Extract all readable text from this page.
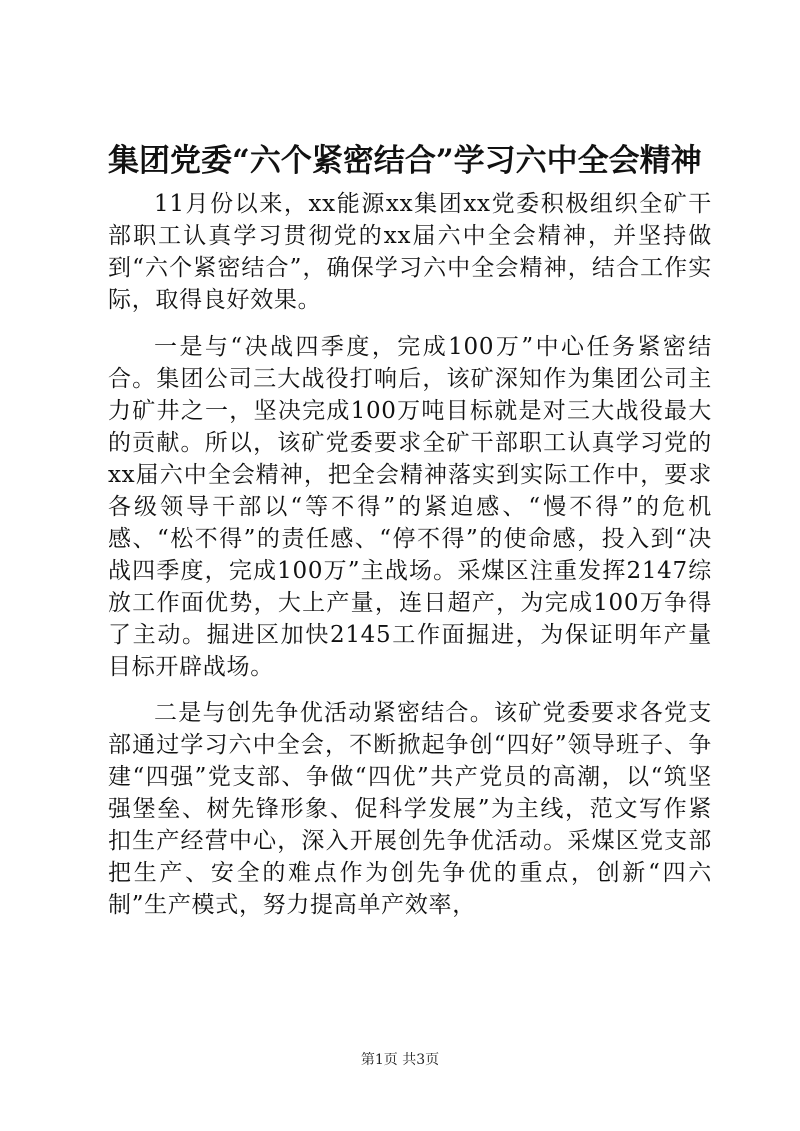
集团党委“六个紧密结合”学习六中全会精神

11月份以来，xx能源xx集团xx党委积极组织全矿干部职工认真学习贯彻党的xx届六中全会精神，并坚持做到“六个紧密结合”，确保学习六中全会精神，结合工作实际，取得良好效果。

一是与“决战四季度，完成100万”中心任务紧密结合。集团公司三大战役打响后，该矿深知作为集团公司主力矿井之一，坚决完成100万吨目标就是对三大战役最大的贡献。所以，该矿党委要求全矿干部职工认真学习党的xx届六中全会精神，把全会精神落实到实际工作中，要求各级领导干部以“等不得”的紧迫感、“慢不得”的危机感、“松不得”的责任感、“停不得”的使命感，投入到“决战四季度，完成100万”主战场。采煤区注重发挥2147综放工作面优势，大上产量，连日超产，为完成100万争得了主动。掘进区加快2145工作面掘进，为保证明年产量目标开辟战场。

二是与创先争优活动紧密结合。该矿党委要求各党支部通过学习六中全会，不断掀起争创“四好”领导班子、争建“四强”党支部、争做“四优”共产党员的高潮，以“筑坚强堡垒、树先锋形象、促科学发展”为主线，范文写作紧扣生产经营中心，深入开展创先争优活动。采煤区党支部把生产、安全的难点作为创先争优的重点，创新“四六制”生产模式，努力提高单产效率，

第1页 共3页
